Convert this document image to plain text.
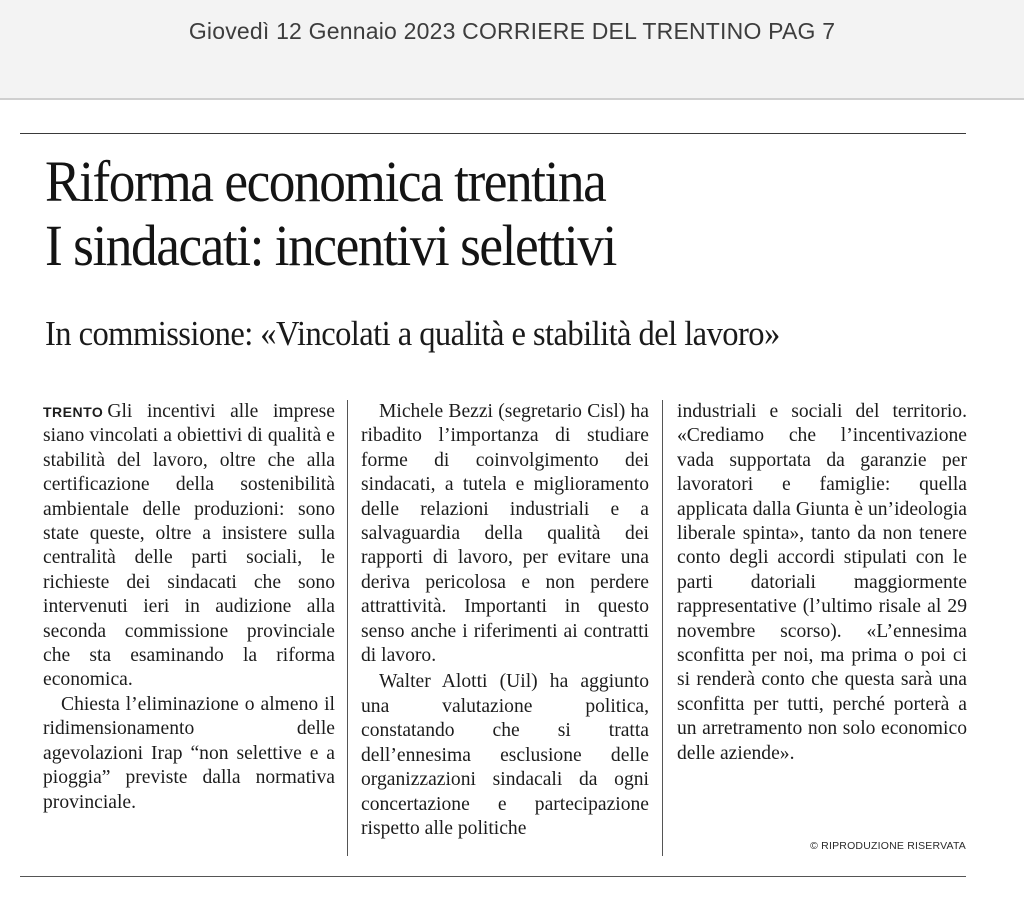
Giovedì 12 Gennaio 2023 CORRIERE DEL TRENTINO PAG 7
Riforma economica trentina
I sindacati: incentivi selettivi
In commissione: «Vincolati a qualità e stabilità del lavoro»

TRENTO Gli incentivi alle imprese siano vincolati a obiettivi di qualità e stabilità del lavoro, oltre che alla certificazione della sostenibilità ambientale delle produzioni: sono state queste, oltre a insistere sulla centralità delle parti sociali, le richieste dei sindacati che sono intervenuti ieri in audizione alla seconda commissione provinciale che sta esaminando la riforma economica.

Chiesta l’eliminazione o almeno il ridimensionamento delle agevolazioni Irap “non selettive e a pioggia” previste dalla normativa provinciale.

Michele Bezzi (segretario Cisl) ha ribadito l’importanza di studiare forme di coinvolgimento dei sindacati, a tutela e miglioramento delle relazioni industriali e a salvaguardia della qualità dei rapporti di lavoro, per evitare una deriva pericolosa e non perdere attrattività. Importanti in questo senso anche i riferimenti ai contratti di lavoro.

Walter Alotti (Uil) ha aggiunto una valutazione politica, constatando che si tratta dell’ennesima esclusione delle organizzazioni sindacali da ogni concertazione e partecipazione rispetto alle politiche

industriali e sociali del territorio. «Crediamo che l’incentivazione vada supportata da garanzie per lavoratori e famiglie: quella applicata dalla Giunta è un’ideologia liberale spinta», tanto da non tenere conto degli accordi stipulati con le parti datoriali maggiormente rappresentative (l’ultimo risale al 29 novembre scorso). «L’ennesima sconfitta per noi, ma prima o poi ci si renderà conto che questa sarà una sconfitta per tutti, perché porterà a un arretramento non solo economico delle aziende».

© RIPRODUZIONE RISERVATA
